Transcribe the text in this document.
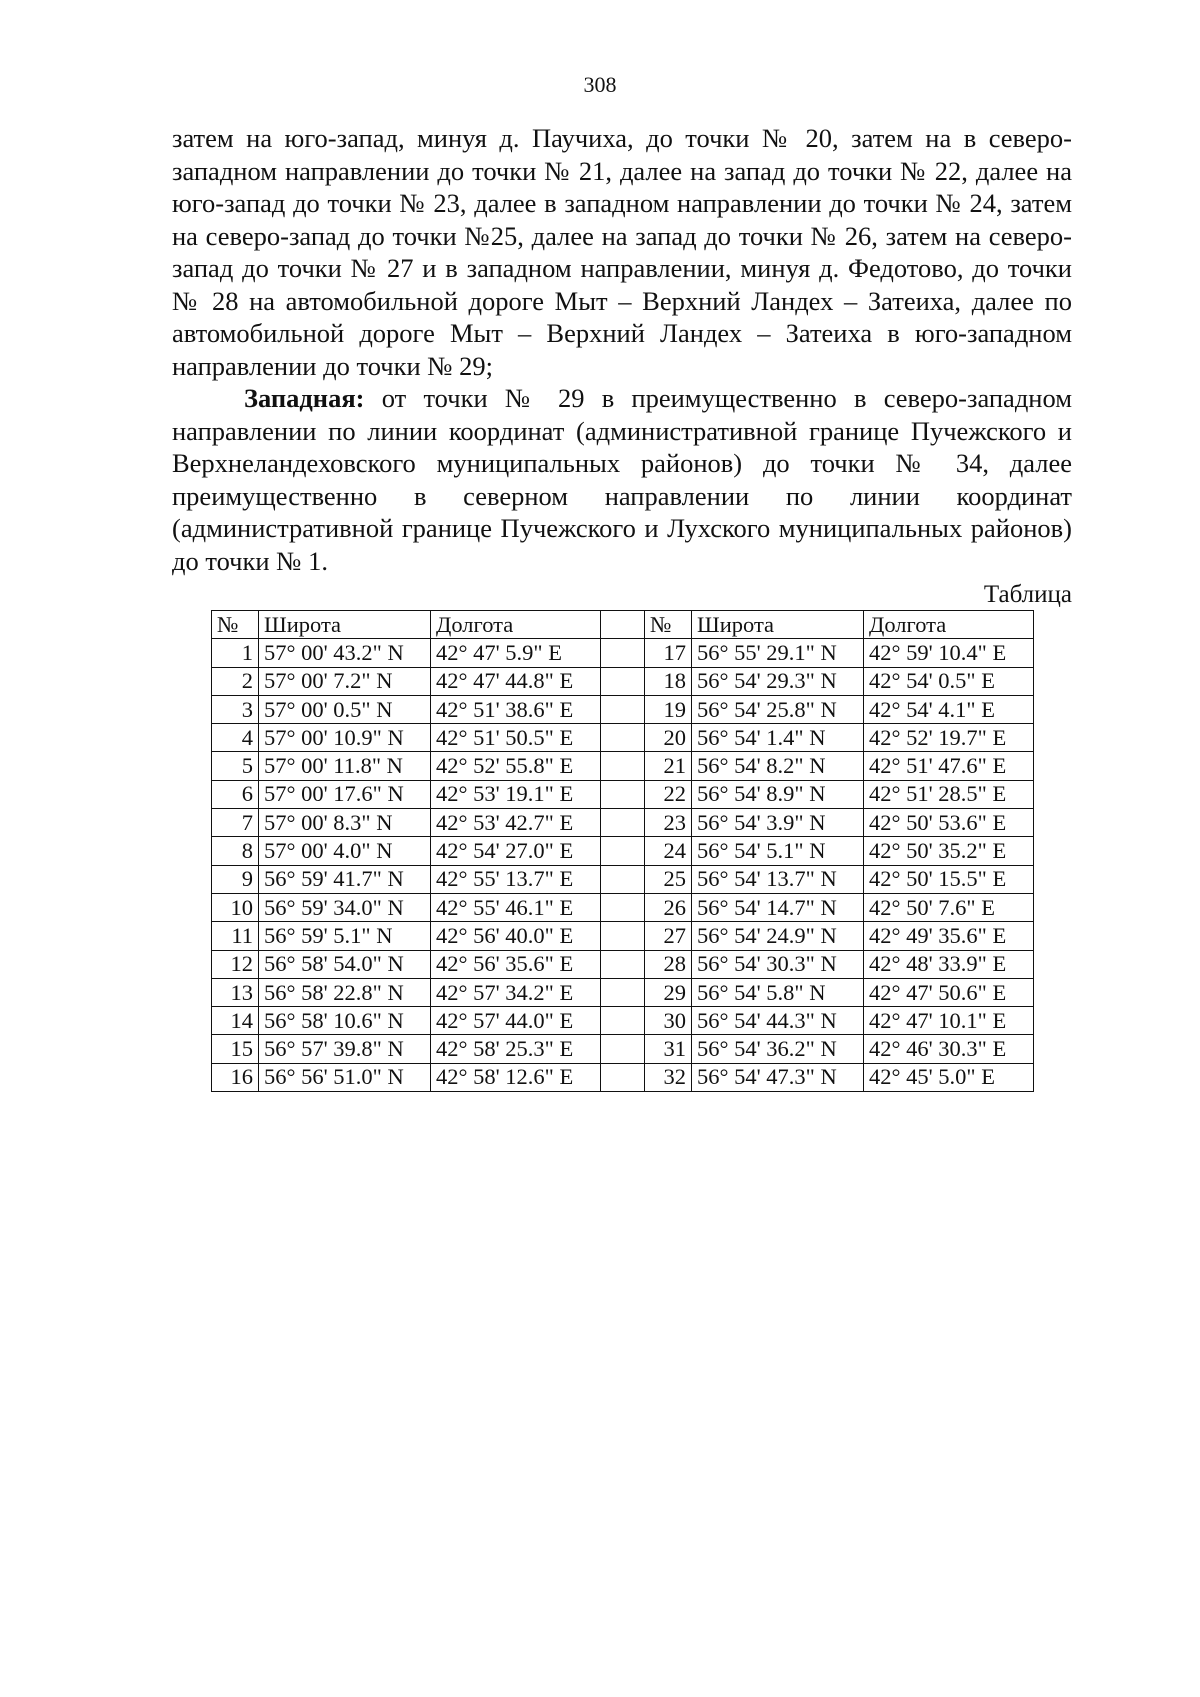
308

затем на юго-запад, минуя д. Паучиха, до точки № 20, затем на в северо-западном направлении до точки № 21, далее на запад до точки № 22, далее на юго-запад до точки № 23, далее в западном направлении до точки № 24, затем на северо-запад до точки №25, далее на запад до точки № 26, затем на северо-запад до точки № 27 и в западном направлении, минуя д. Федотово, до точки № 28 на автомобильной дороге Мыт – Верхний Ландех – Затеиха, далее по автомобильной дороге Мыт – Верхний Ландех – Затеиха в юго-западном направлении до точки № 29;

Западная: от точки № 29 в преимущественно в северо-западном направлении по линии координат (административной границе Пучежского и Верхнеландеховского муниципальных районов) до точки № 34, далее преимущественно в северном направлении по линии координат (административной границе Пучежского и Лухского муниципальных районов) до точки № 1.

Таблица
№	Широта	Долгота		№	Широта	Долгота
1	57° 00' 43.2" N	42° 47' 5.9" E		17	56° 55' 29.1" N	42° 59' 10.4" E
2	57° 00' 7.2" N	42° 47' 44.8" E		18	56° 54' 29.3" N	42° 54' 0.5" E
3	57° 00' 0.5" N	42° 51' 38.6" E		19	56° 54' 25.8" N	42° 54' 4.1" E
4	57° 00' 10.9" N	42° 51' 50.5" E		20	56° 54' 1.4" N	42° 52' 19.7" E
5	57° 00' 11.8" N	42° 52' 55.8" E		21	56° 54' 8.2" N	42° 51' 47.6" E
6	57° 00' 17.6" N	42° 53' 19.1" E		22	56° 54' 8.9" N	42° 51' 28.5" E
7	57° 00' 8.3" N	42° 53' 42.7" E		23	56° 54' 3.9" N	42° 50' 53.6" E
8	57° 00' 4.0" N	42° 54' 27.0" E		24	56° 54' 5.1" N	42° 50' 35.2" E
9	56° 59' 41.7" N	42° 55' 13.7" E		25	56° 54' 13.7" N	42° 50' 15.5" E
10	56° 59' 34.0" N	42° 55' 46.1" E		26	56° 54' 14.7" N	42° 50' 7.6" E
11	56° 59' 5.1" N	42° 56' 40.0" E		27	56° 54' 24.9" N	42° 49' 35.6" E
12	56° 58' 54.0" N	42° 56' 35.6" E		28	56° 54' 30.3" N	42° 48' 33.9" E
13	56° 58' 22.8" N	42° 57' 34.2" E		29	56° 54' 5.8" N	42° 47' 50.6" E
14	56° 58' 10.6" N	42° 57' 44.0" E		30	56° 54' 44.3" N	42° 47' 10.1" E
15	56° 57' 39.8" N	42° 58' 25.3" E		31	56° 54' 36.2" N	42° 46' 30.3" E
16	56° 56' 51.0" N	42° 58' 12.6" E		32	56° 54' 47.3" N	42° 45' 5.0" E
